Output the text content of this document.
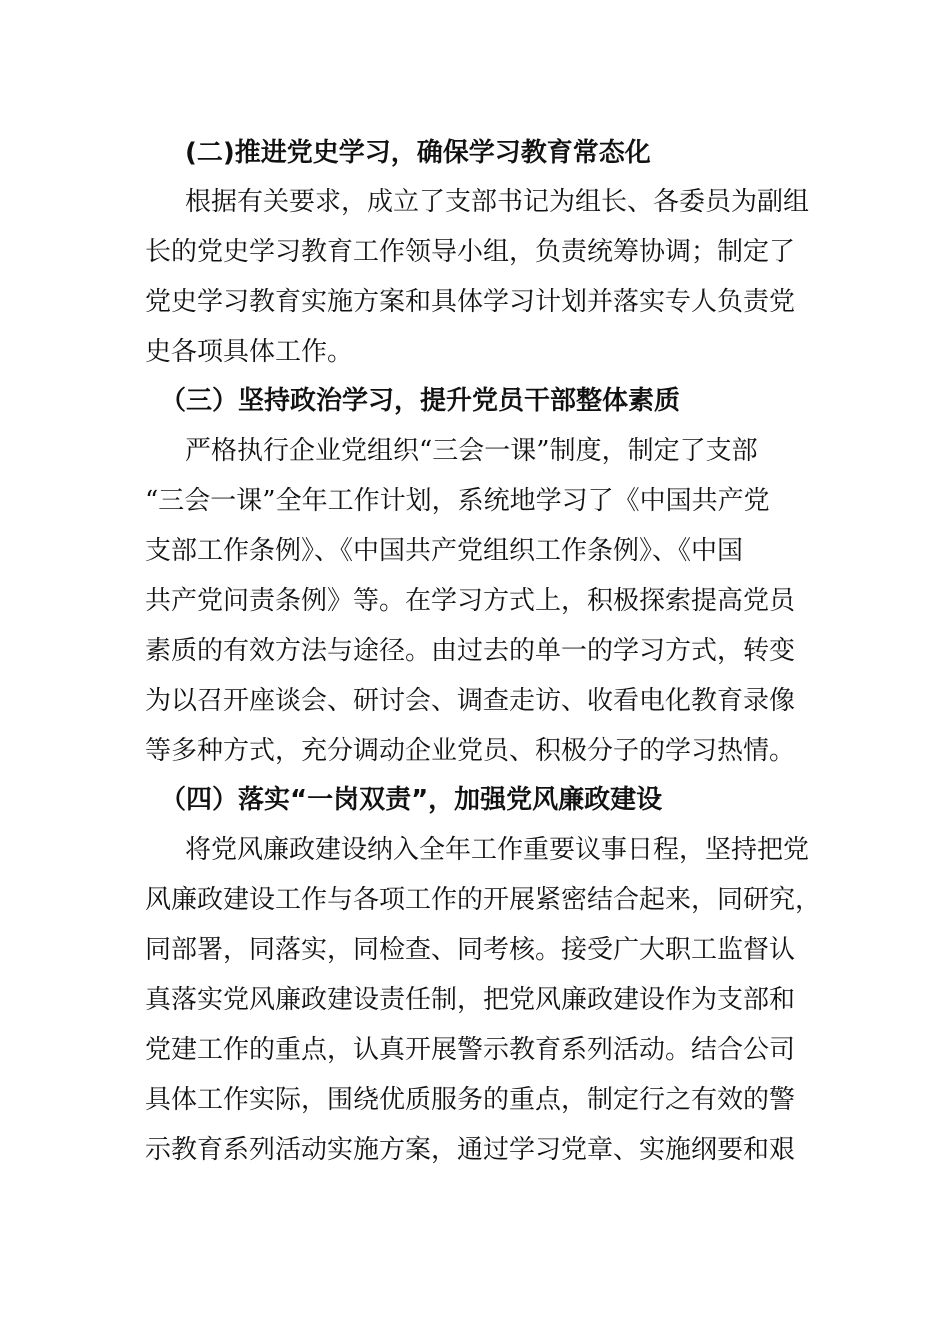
(二)推进党史学习，确保学习教育常态化
根据有关要求，成立了支部书记为组长、各委员为副组
长的党史学习教育工作领导小组，负责统筹协调；制定了
党史学习教育实施方案和具体学习计划并落实专人负责党
史各项具体工作。
（三）坚持政治学习，提升党员干部整体素质
严格执行企业党组织“三会一课”制度，制定了支部
“三会一课”全年工作计划，系统地学习了《中国共产党
支部工作条例》、《中国共产党组织工作条例》、《中国
共产党问责条例》等。在学习方式上，积极探索提高党员
素质的有效方法与途径。由过去的单一的学习方式，转变
为以召开座谈会、研讨会、调查走访、收看电化教育录像
等多种方式，充分调动企业党员、积极分子的学习热情。
（四）落实“一岗双责”，加强党风廉政建设
将党风廉政建设纳入全年工作重要议事日程，坚持把党
风廉政建设工作与各项工作的开展紧密结合起来，同研究，
同部署，同落实，同检查、同考核。接受广大职工监督认
真落实党风廉政建设责任制，把党风廉政建设作为支部和
党建工作的重点，认真开展警示教育系列活动。结合公司
具体工作实际，围绕优质服务的重点，制定行之有效的警
示教育系列活动实施方案，通过学习党章、实施纲要和艰
